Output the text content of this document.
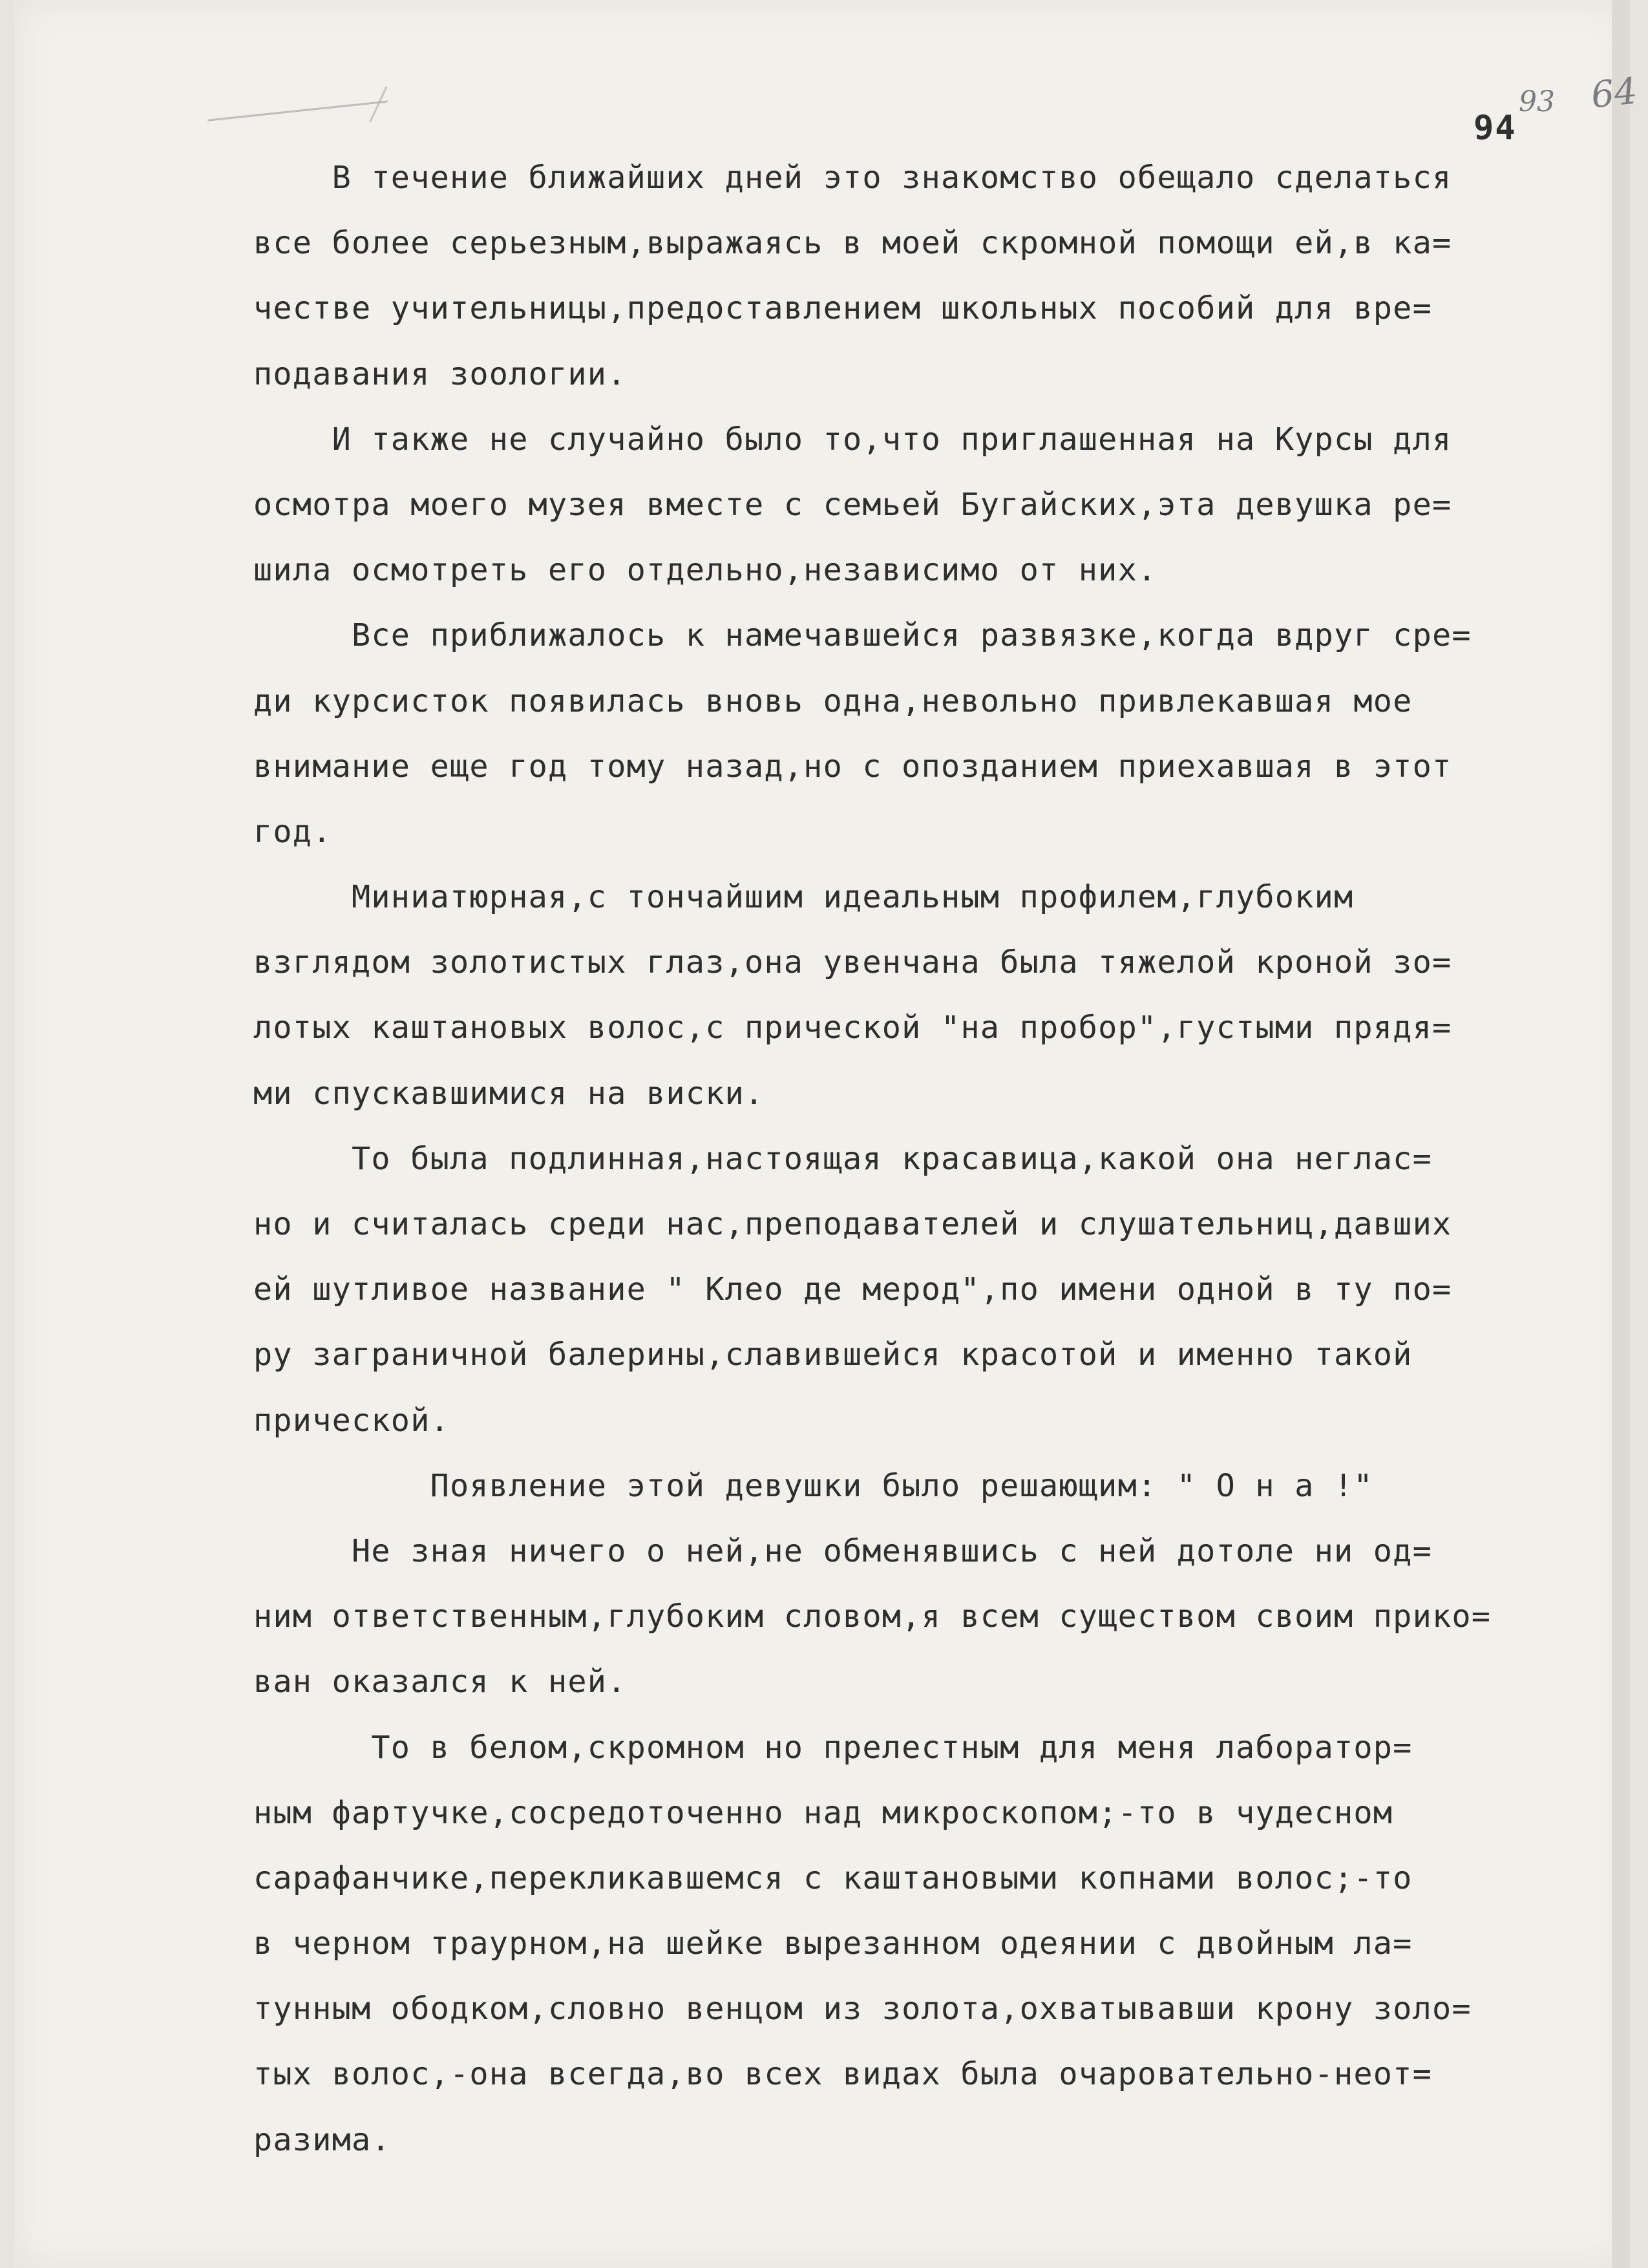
93 64
94
В течение ближайших дней это знакомство обещало сделаться
все более серьезным,выражаясь в моей скромной помощи ей,в ка=
честве учительницы,предоставлением школьных пособий для вре=
подавания зоологии.
И также не случайно было то,что приглашенная на Курсы для
осмотра моего музея вместе с семьей Бугайских,эта девушка ре=
шила осмотреть его отдельно,независимо от них.
Все приближалось к намечавшейся развязке,когда вдруг сре=
ди курсисток появилась вновь одна,невольно привлекавшая мое
внимание еще год тому назад,но с опозданием приехавшая в этот
год.
Миниатюрная,с тончайшим идеальным профилем,глубоким
взглядом золотистых глаз,она увенчана была тяжелой кроной зо=
лотых каштановых волос,с прической "на пробор",густыми прядя=
ми спускавшимися на виски.
То была подлинная,настоящая красавица,какой она неглас=
но и считалась среди нас,преподавателей и слушательниц,давших
ей шутливое название " Клео де мерод",по имени одной в ту по=
ру заграничной балерины,славившейся красотой и именно такой
прической.
Появление этой девушки было решающим: " О н а !"
Не зная ничего о ней,не обменявшись с ней дотоле ни од=
ним ответственным,глубоким словом,я всем существом своим прико=
ван оказался к ней.
То в белом,скромном но прелестным для меня лаборатор=
ным фартучке,сосредоточенно над микроскопом;-то в чудесном
сарафанчике,перекликавшемся с каштановыми копнами волос;-то
в черном траурном,на шейке вырезанном одеянии с двойным ла=
тунным ободком,словно венцом из золота,охватывавши крону золо=
тых волос,-она всегда,во всех видах была очаровательно-неот=
разима.
